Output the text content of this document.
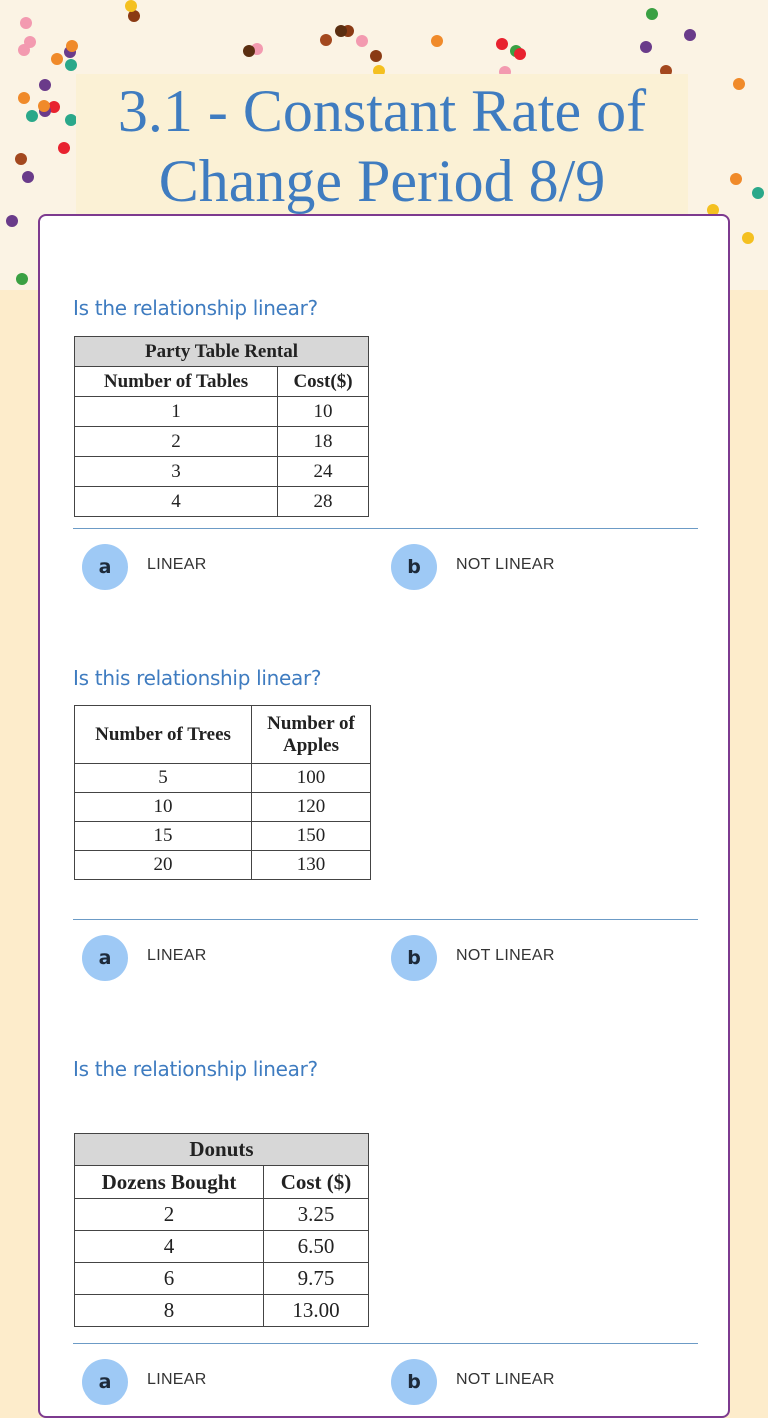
3.1 - Constant Rate of Change Period 8/9
Is the relationship linear?
Party Table Rental	
Number of Tables	Cost($)
1	10
2	18
3	24
4	28
a	LINEAR	b	NOT LINEAR
Is this relationship linear?
Number of Trees	Number of Apples
5	100
10	120
15	150
20	130
a	LINEAR	b	NOT LINEAR
Is the relationship linear?
Donuts	
Dozens Bought	Cost ($)
2	3.25
4	6.50
6	9.75
8	13.00
a	LINEAR	b	NOT LINEAR
